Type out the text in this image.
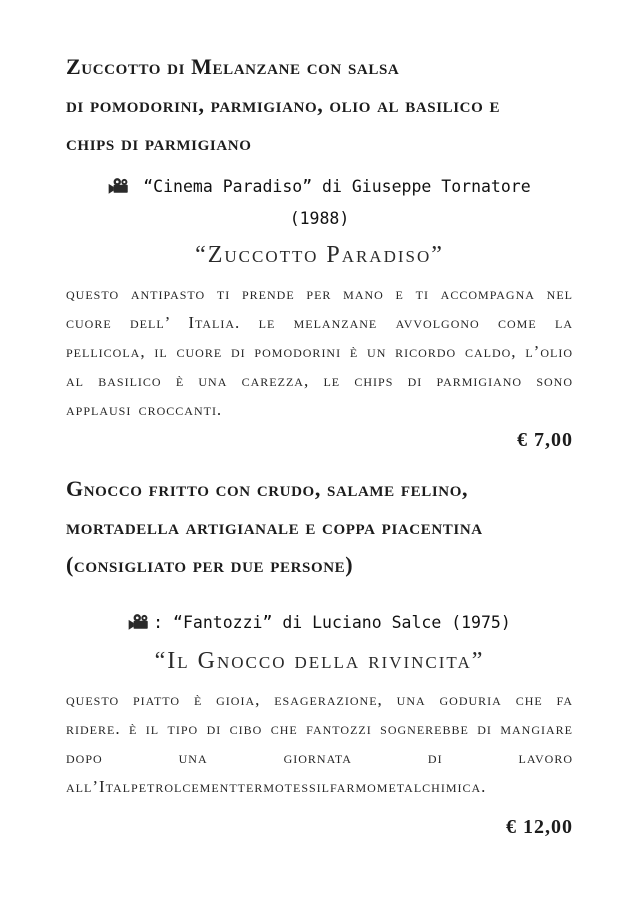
Zuccotto di Melanzane con salsa
di pomodorini, parmigiano, olio al basilico e
chips di parmigiano
“Cinema Paradiso” di Giuseppe Tornatore
(1988)
“Zuccotto Paradiso”

questo antipasto ti prende per mano e ti accompagna nel cuore dell’ Italia. le melanzane avvolgono come la pellicola, il cuore di pomodorini è un ricordo caldo, l’olio al basilico è una carezza, le chips di parmigiano sono applausi croccanti.

€ 7,00
Gnocco fritto con crudo, salame felino,
mortadella artigianale e coppa piacentina
(consigliato per due persone)
: “Fantozzi” di Luciano Salce (1975)
“Il Gnocco della rivincita”

questo piatto è gioia, esagerazione, una goduria che fa ridere. è il tipo di cibo che fantozzi sognerebbe di mangiare dopo una giornata di lavoro all’Italpetrolcementtermotessilfarmometalchimica.

€ 12,00
